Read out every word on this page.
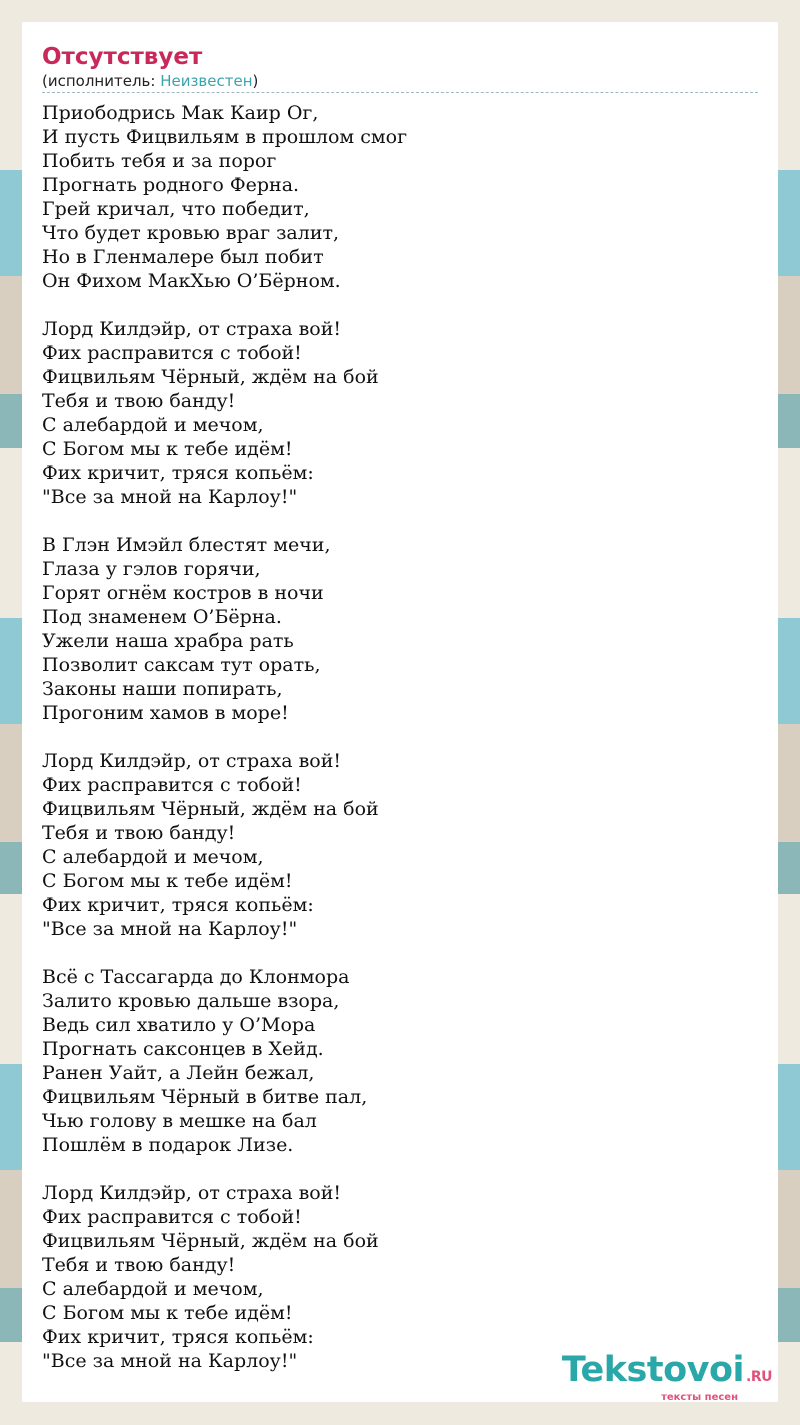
Отсутствует
(исполнитель: Неизвестен)
Приободрись Мак Каир Ог,
И пусть Фицвильям в прошлом смог
Побить тебя и за порог
Прогнать родного Ферна.
Грей кричал, что победит,
Что будет кровью враг залит,
Но в Гленмалере был побит
Он Фихом МакХью О’Бёрном.

Лорд Килдэйр, от страха вой!
Фих расправится с тобой!
Фицвильям Чёрный, ждём на бой
Тебя и твою банду!
С алебардой и мечом,
С Богом мы к тебе идём!
Фих кричит, тряся копьём:
"Все за мной на Карлоу!"

В Глэн Имэйл блестят мечи,
Глаза у гэлов горячи,
Горят огнём костров в ночи
Под знаменем О’Бёрна.
Ужели наша храбра рать
Позволит саксам тут орать,
Законы наши попирать,
Прогоним хамов в море!

Лорд Килдэйр, от страха вой!
Фих расправится с тобой!
Фицвильям Чёрный, ждём на бой
Тебя и твою банду!
С алебардой и мечом,
С Богом мы к тебе идём!
Фих кричит, тряся копьём:
"Все за мной на Карлоу!"

Всё с Тассагарда до Клонмора
Залито кровью дальше взора,
Ведь сил хватило у О’Мора
Прогнать саксонцев в Хейд.
Ранен Уайт, а Лейн бежал,
Фицвильям Чёрный в битве пал,
Чью голову в мешке на бал
Пошлём в подарок Лизе.

Лорд Килдэйр, от страха вой!
Фих расправится с тобой!
Фицвильям Чёрный, ждём на бой
Тебя и твою банду!
С алебардой и мечом,
С Богом мы к тебе идём!
Фих кричит, тряся копьём:
"Все за мной на Карлоу!"	Tekstovoi .RU
тексты песен
